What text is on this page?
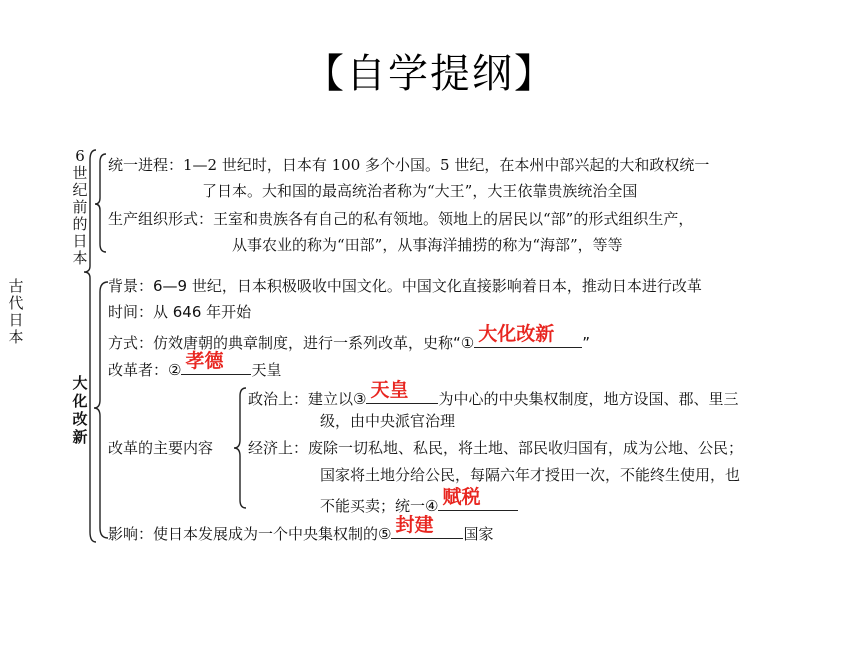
【自学提纲】
古
代
日
本
6
世
纪
前
的
日
本
大
化
改
新
统一进程：1—2 世纪时，日本有 100 多个小国。5 世纪，在本州中部兴起的大和政权统一
了日本。大和国的最高统治者称为“大王”，大王依靠贵族统治全国
生产组织形式：王室和贵族各有自己的私有领地。领地上的居民以“部”的形式组织生产，
从事农业的称为“田部”，从事海洋捕捞的称为“海部”，等等
背景：6—9 世纪，日本积极吸收中国文化。中国文化直接影响着日本，推动日本进行改革
时间：从 646 年开始
方式：仿效唐朝的典章制度，进行一系列改革，史称“① 大化改新 ”
改革者：② 孝德 天皇
政治上：建立以③ 天皇 为中心的中央集权制度，地方设国、郡、里三
级，由中央派官治理
改革的主要内容 经济上：废除一切私地、私民，将土地、部民收归国有，成为公地、公民；
国家将土地分给公民，每隔六年才授田一次，不能终生使用，也
不能买卖；统一④ 赋税
影响：使日本发展成为一个中央集权制的⑤ 封建 国家
